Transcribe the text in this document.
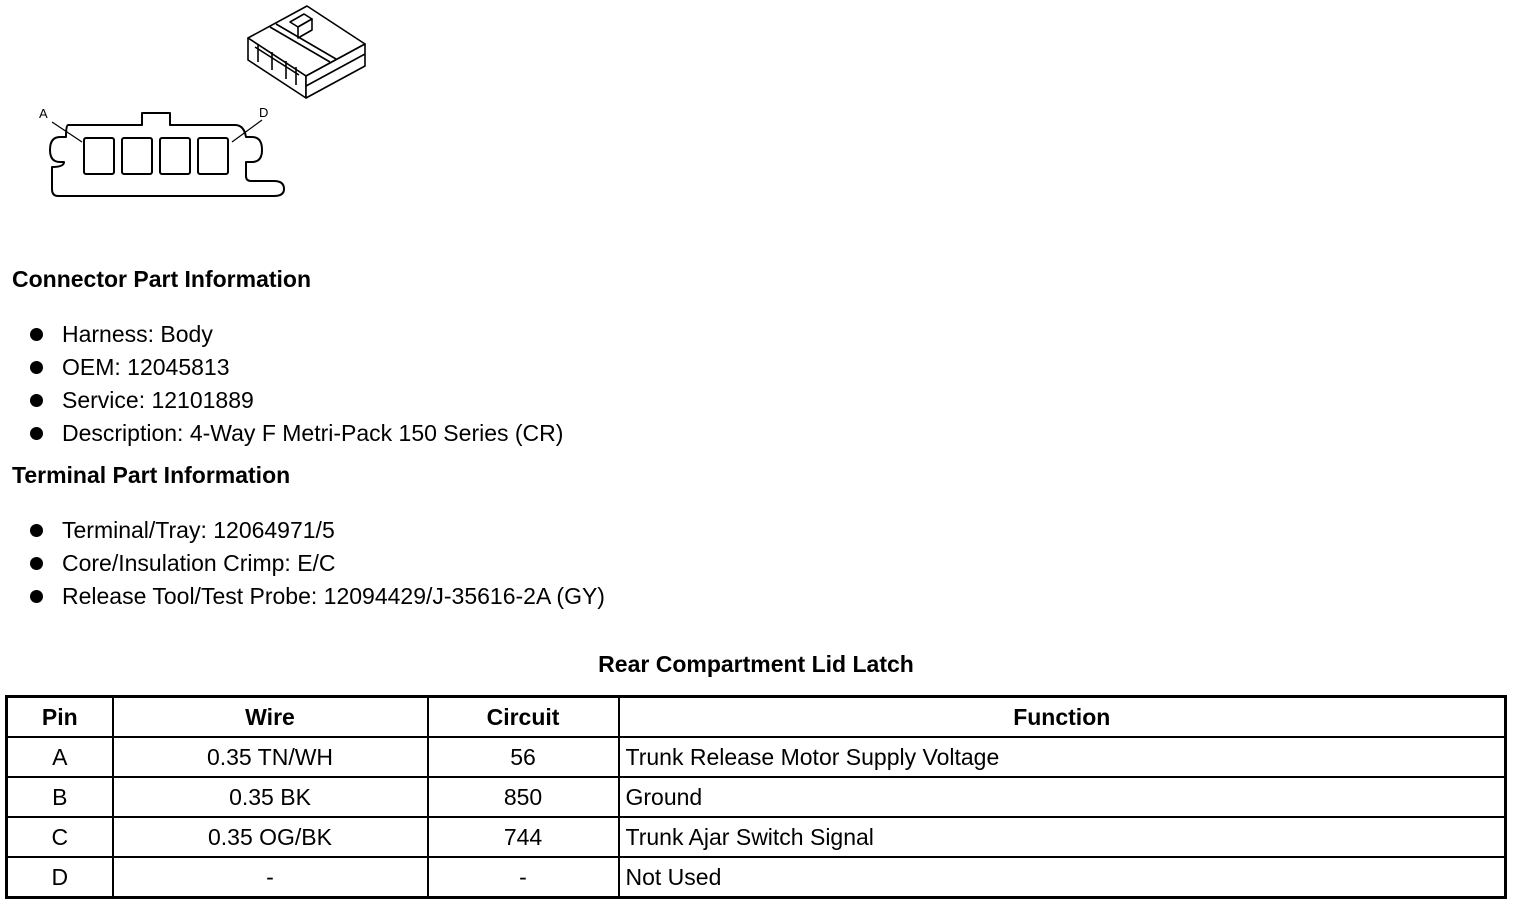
A	D
Connector Part Information
Harness: Body
OEM: 12045813
Service: 12101889
Description: 4-Way F Metri-Pack 150 Series (CR)
Terminal Part Information
Terminal/Tray: 12064971/5
Core/Insulation Crimp: E/C
Release Tool/Test Probe: 12094429/J-35616-2A (GY)
Rear Compartment Lid Latch
Pin	Wire	Circuit	Function
A	0.35 TN/WH	56	Trunk Release Motor Supply Voltage
B	0.35 BK	850	Ground
C	0.35 OG/BK	744	Trunk Ajar Switch Signal
D	-	-	Not Used
